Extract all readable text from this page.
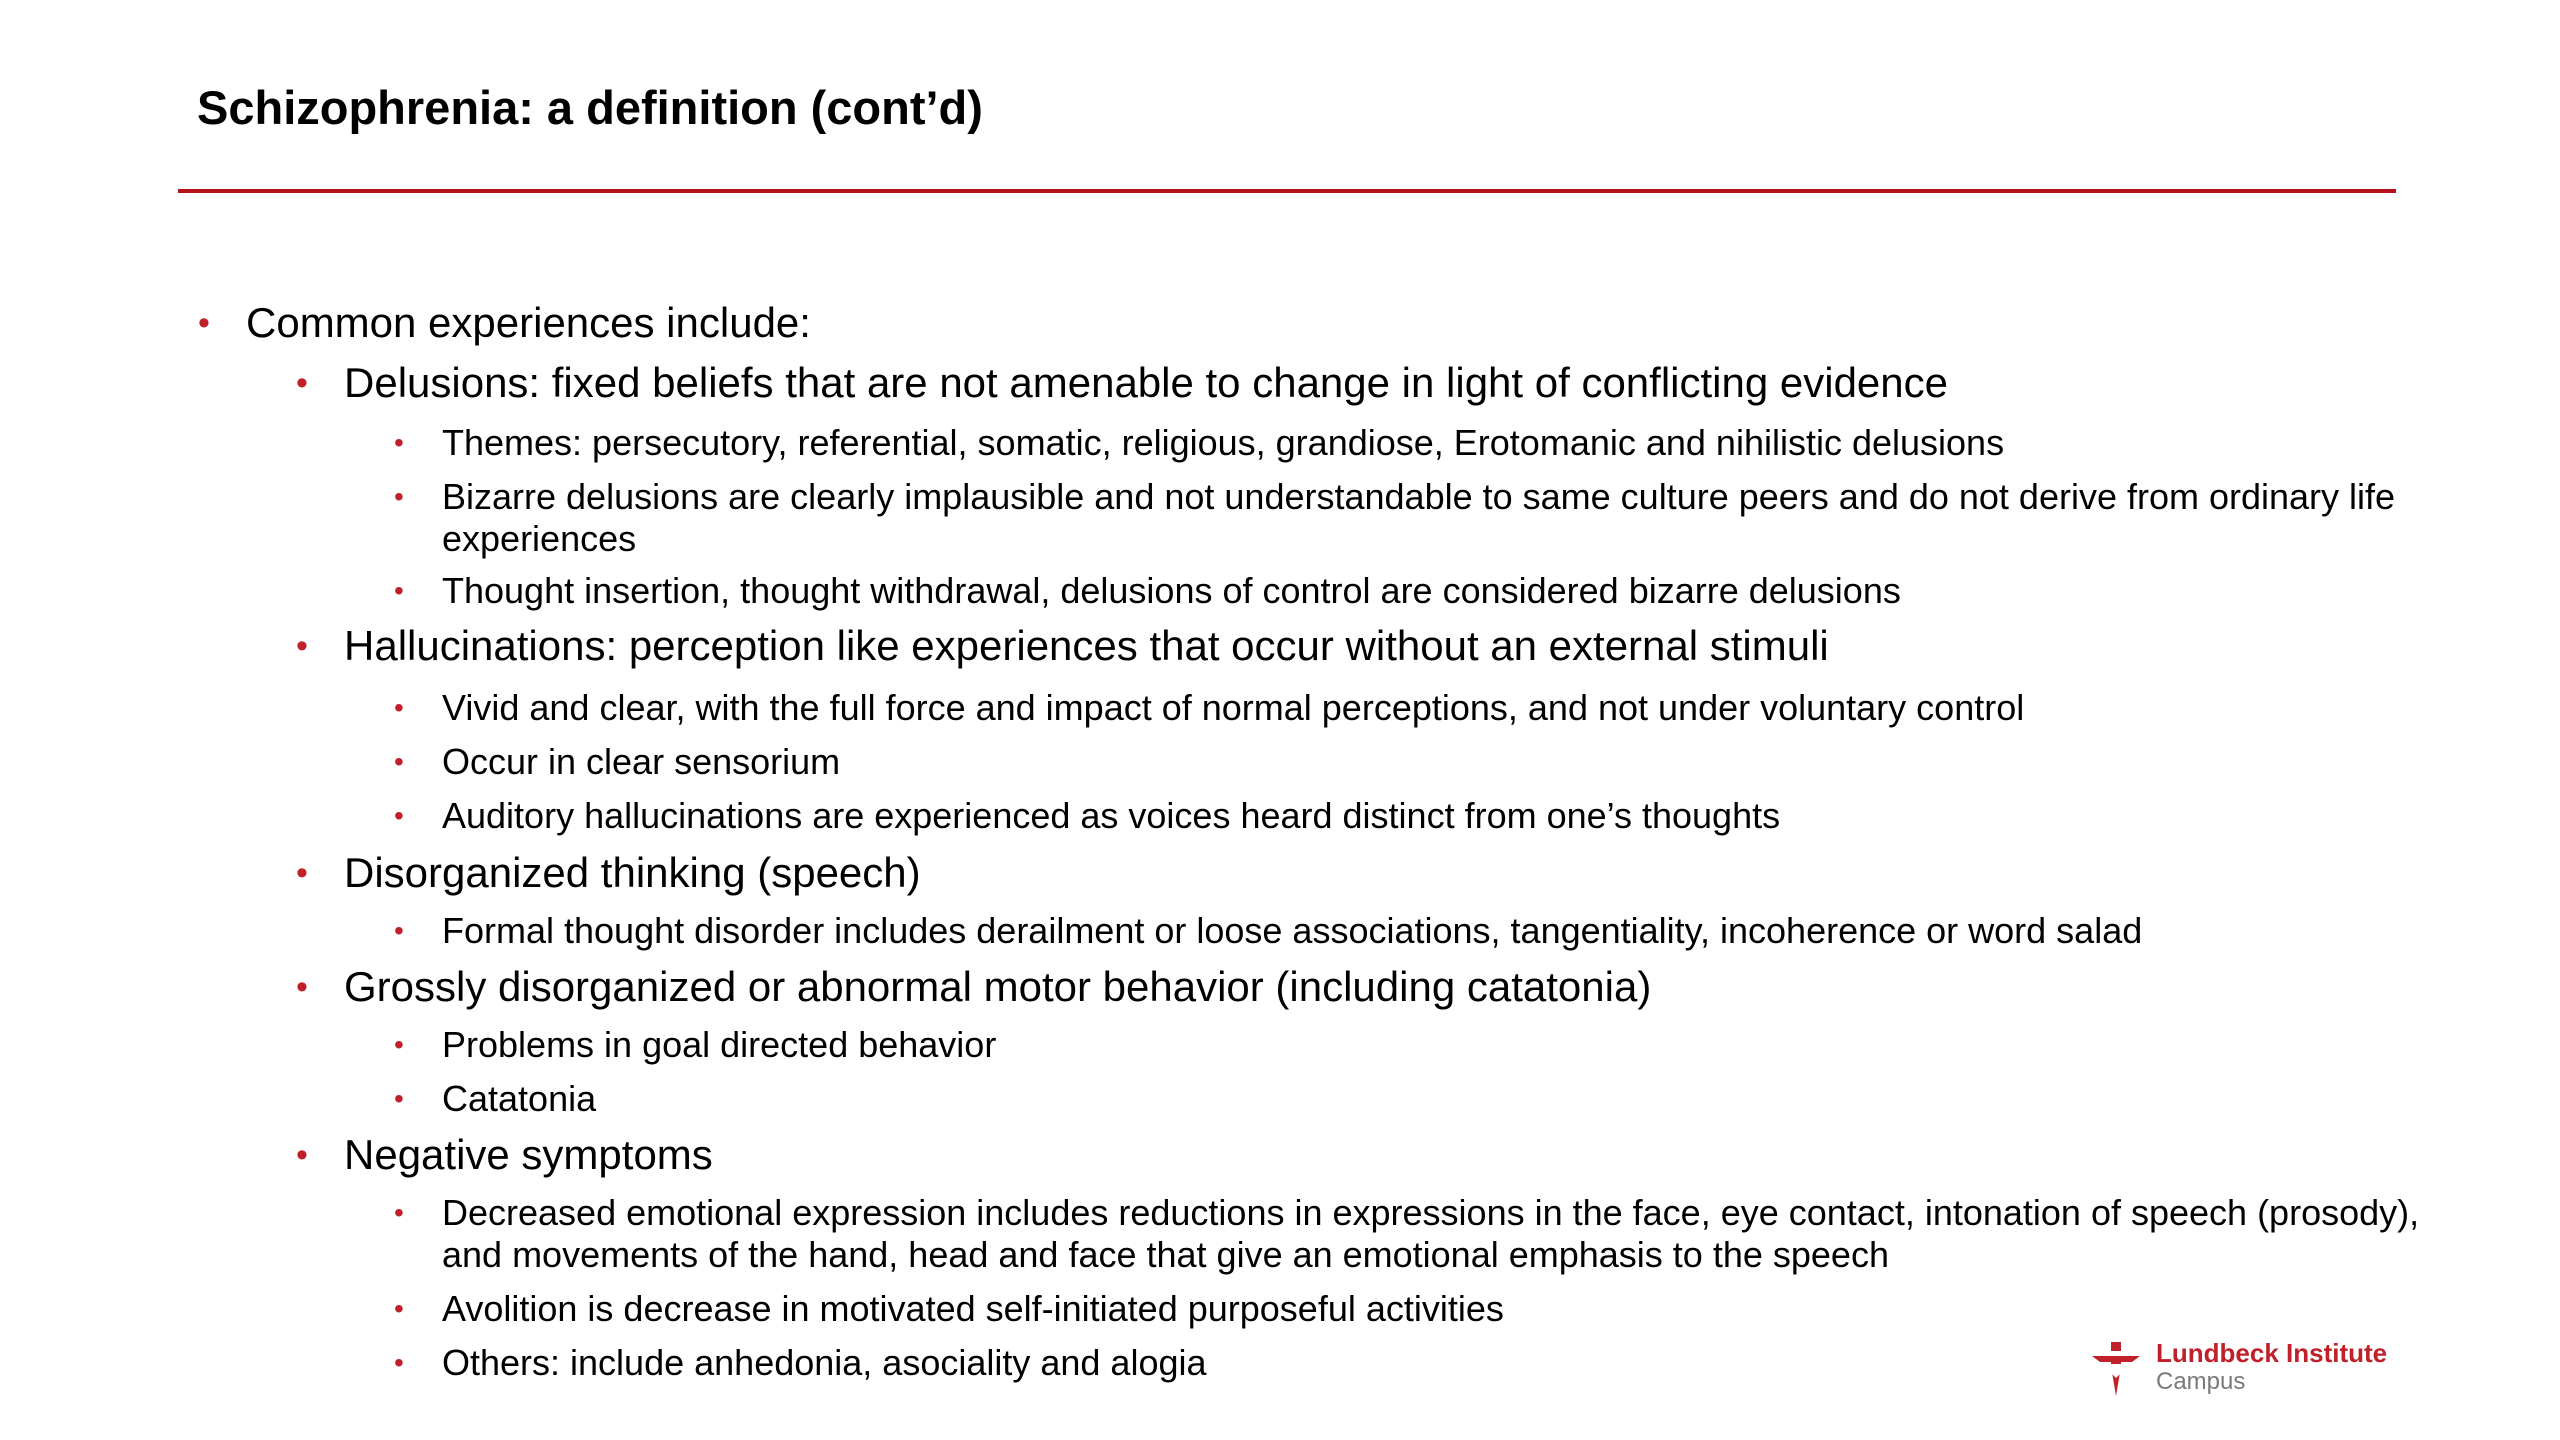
Schizophrenia: a definition (cont’d)
• Common experiences include:
• Delusions: fixed beliefs that are not amenable to change in light of conflicting evidence
• Themes: persecutory, referential, somatic, religious, grandiose, Erotomanic and nihilistic delusions
• Bizarre delusions are clearly implausible and not understandable to same culture peers and do not derive from ordinary life experiences
• Thought insertion, thought withdrawal, delusions of control are considered bizarre delusions
• Hallucinations: perception like experiences that occur without an external stimuli
• Vivid and clear, with the full force and impact of normal perceptions, and not under voluntary control
• Occur in clear sensorium
• Auditory hallucinations are experienced as voices heard distinct from one’s thoughts
• Disorganized thinking (speech)
• Formal thought disorder includes derailment or loose associations, tangentiality, incoherence or word salad
• Grossly disorganized or abnormal motor behavior (including catatonia)
• Problems in goal directed behavior
• Catatonia
• Negative symptoms
• Decreased emotional expression includes reductions in expressions in the face, eye contact, intonation of speech (prosody), and movements of the hand, head and face that give an emotional emphasis to the speech
• Avolition is decrease in motivated self-initiated purposeful activities
• Others: include anhedonia, asociality and alogia	Lundbeck Institute
Campus
